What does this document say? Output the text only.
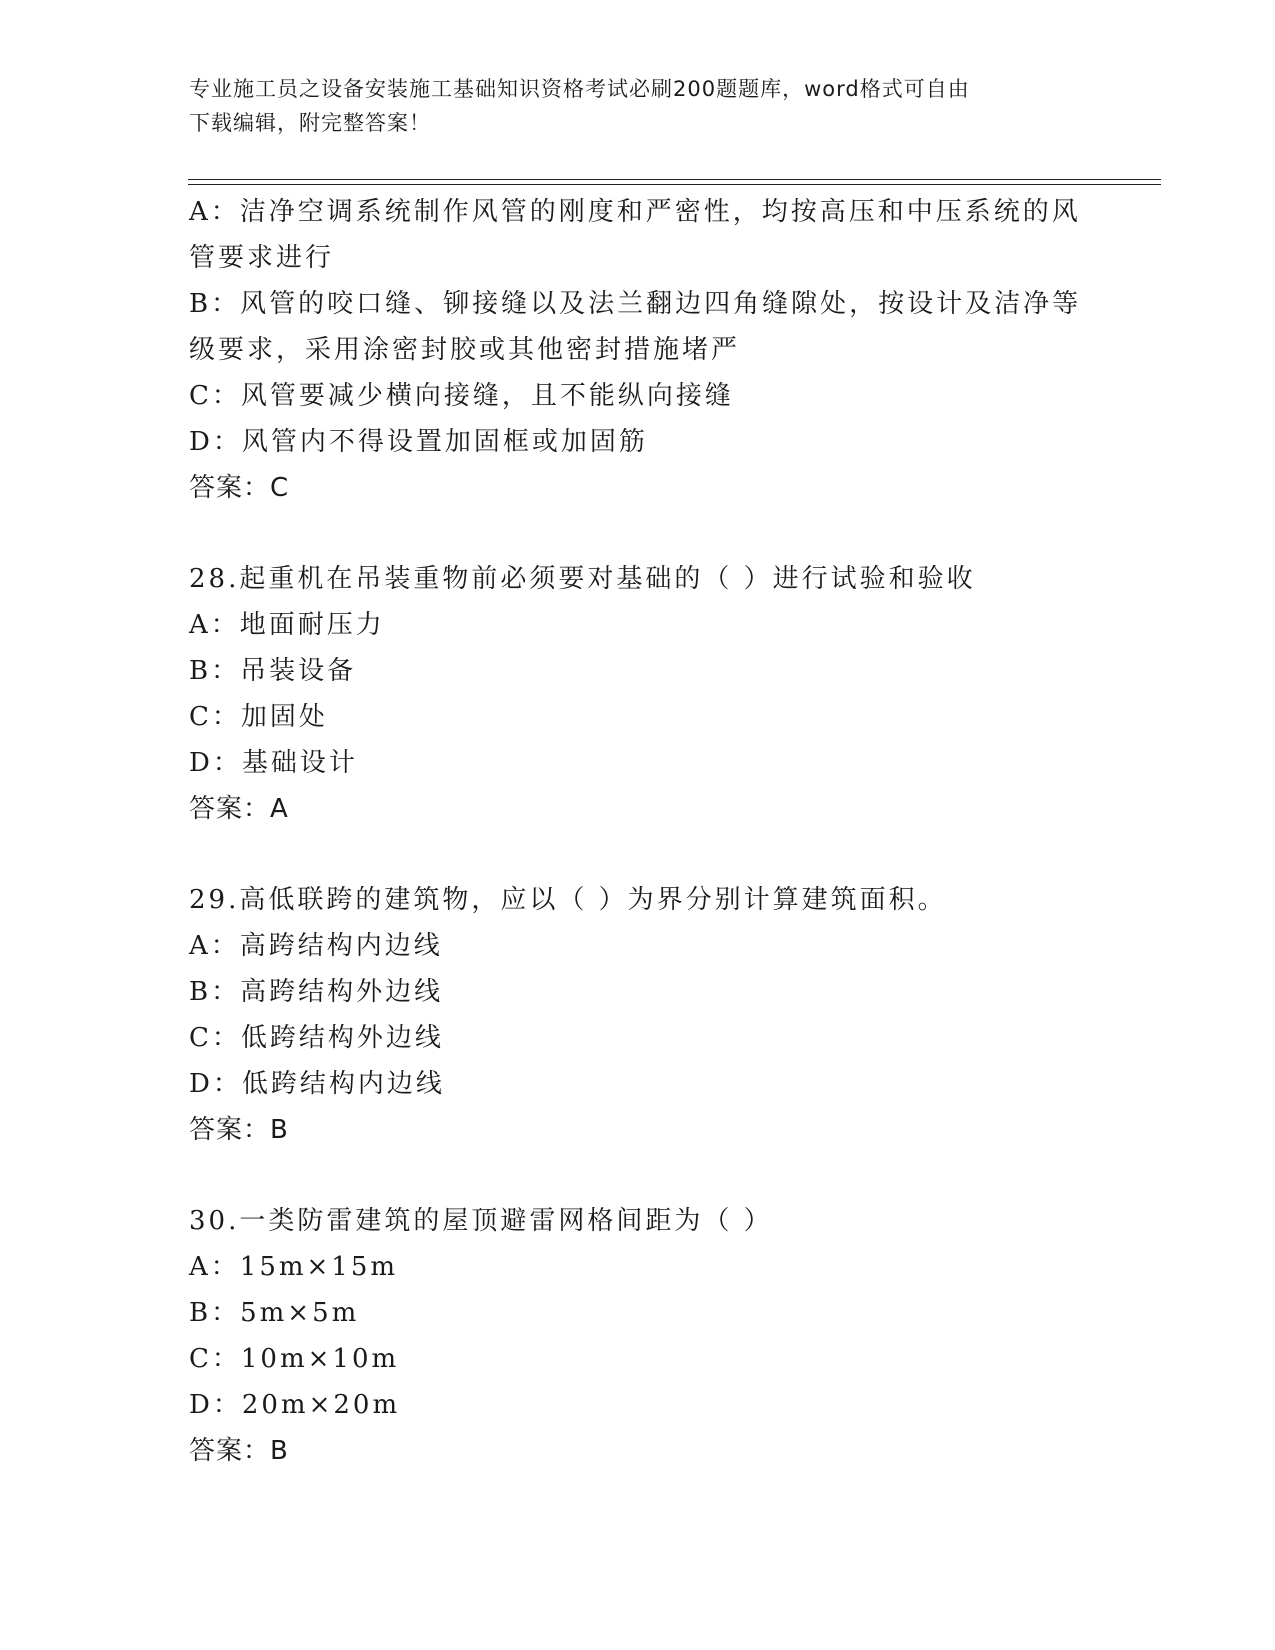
专业施工员之设备安装施工基础知识资格考试必刷200题题库，word格式可自由
下载编辑，附完整答案！
A：洁净空调系统制作风管的刚度和严密性，均按高压和中压系统的风
管要求进行
B：风管的咬口缝、铆接缝以及法兰翻边四角缝隙处，按设计及洁净等
级要求，采用涂密封胶或其他密封措施堵严
C：风管要减少横向接缝，且不能纵向接缝
D：风管内不得设置加固框或加固筋
答案：C
28.起重机在吊装重物前必须要对基础的（ ）进行试验和验收
A：地面耐压力
B：吊装设备
C：加固处
D：基础设计
答案：A
29.高低联跨的建筑物，应以（ ）为界分别计算建筑面积。
A：高跨结构内边线
B：高跨结构外边线
C：低跨结构外边线
D：低跨结构内边线
答案：B
30.一类防雷建筑的屋顶避雷网格间距为（ ）
A：15m×15m
B：5m×5m
C：10m×10m
D：20m×20m
答案：B
